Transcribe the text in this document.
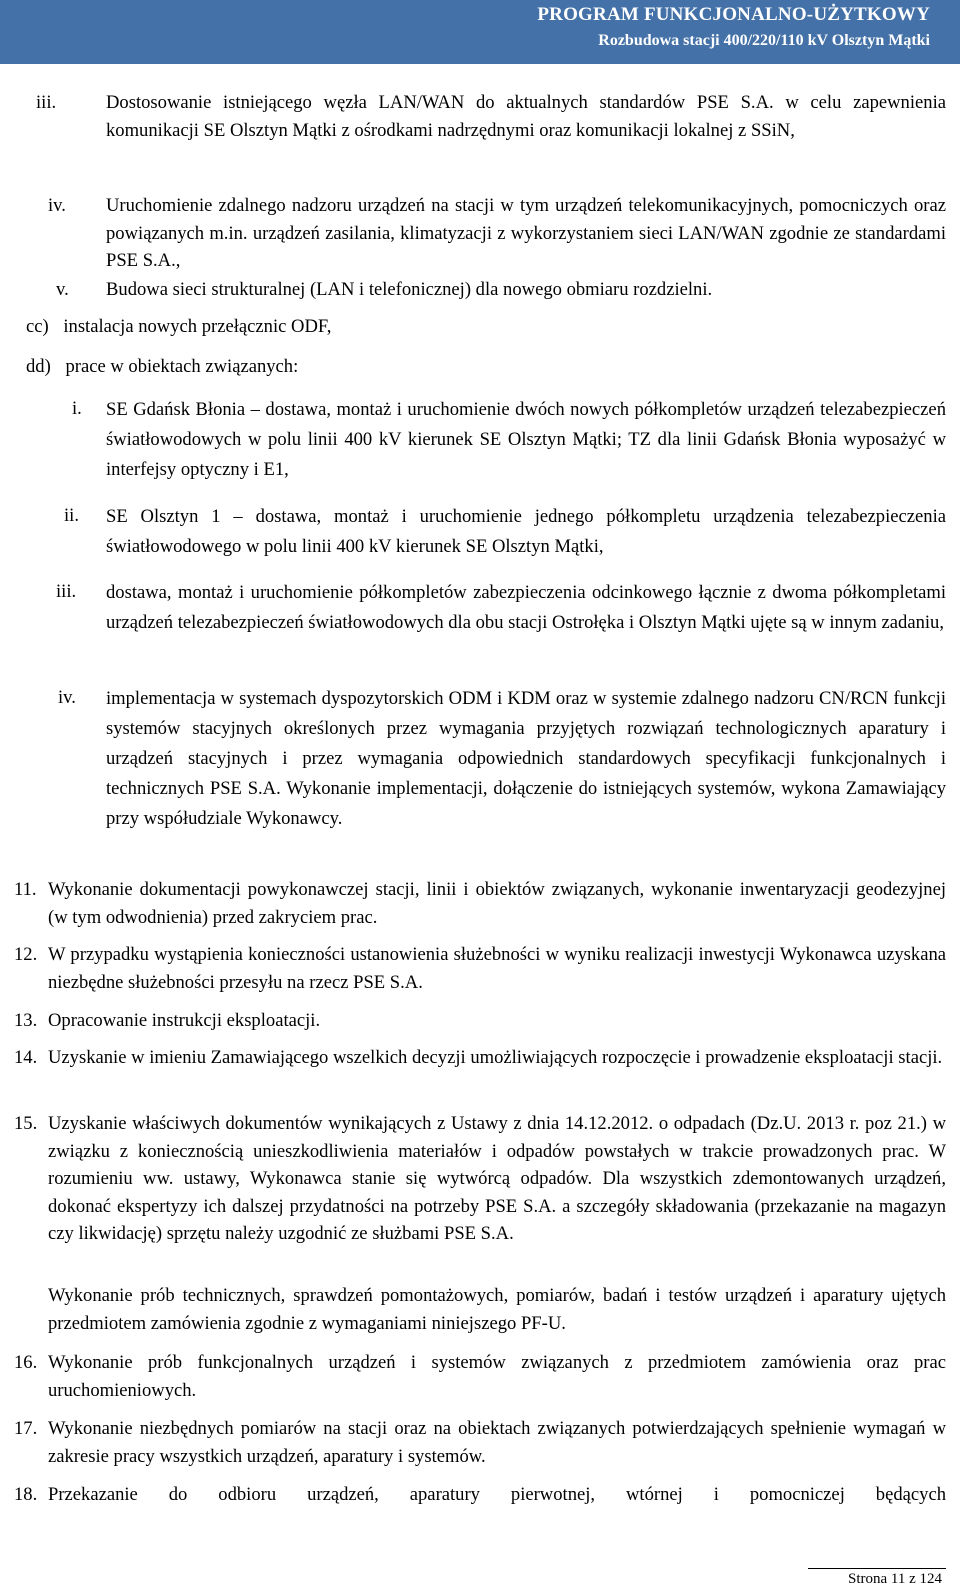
PROGRAM FUNKCJONALNO-UŻYTKOWY
Rozbudowa stacji 400/220/110 kV Olsztyn Mątki
iii.	Dostosowanie istniejącego węzła LAN/WAN do aktualnych standardów PSE S.A. w celu zapewnienia komunikacji SE Olsztyn Mątki z ośrodkami nadrzędnymi oraz komunikacji lokalnej z SSiN,
iv. Uruchomienie zdalnego nadzoru urządzeń na stacji w tym urządzeń telekomunikacyjnych, pomocniczych oraz powiązanych m.in. urządzeń zasilania, klimatyzacji z wykorzystaniem sieci LAN/WAN zgodnie ze standardami PSE S.A.,
v. Budowa sieci strukturalnej (LAN i telefonicznej) dla nowego obmiaru rozdzielni.
cc) instalacja nowych przełącznic ODF,
dd) prace w obiektach związanych:
i. SE Gdańsk Błonia – dostawa, montaż i uruchomienie dwóch nowych półkompletów urządzeń telezabezpieczeń światłowodowych w polu linii 400 kV kierunek SE Olsztyn Mątki; TZ dla linii Gdańsk Błonia wyposażyć w interfejsy optyczny i E1,
ii. SE Olsztyn 1 – dostawa, montaż i uruchomienie jednego półkompletu urządzenia telezabezpieczenia światłowodowego w polu linii 400 kV kierunek SE Olsztyn Mątki,
iii. dostawa, montaż i uruchomienie półkompletów zabezpieczenia odcinkowego łącznie z dwoma półkompletami urządzeń telezabezpieczeń światłowodowych dla obu stacji Ostrołęka i Olsztyn Mątki ujęte są w innym zadaniu,
iv. implementacja w systemach dyspozytorskich ODM i KDM oraz w systemie zdalnego nadzoru CN/RCN funkcji systemów stacyjnych określonych przez wymagania przyjętych rozwiązań technologicznych aparatury i urządzeń stacyjnych i przez wymagania odpowiednich standardowych specyfikacji funkcjonalnych i technicznych PSE S.A. Wykonanie implementacji, dołączenie do istniejących systemów, wykona Zamawiający przy współudziale Wykonawcy.
11. Wykonanie dokumentacji powykonawczej stacji, linii i obiektów związanych, wykonanie inwentaryzacji geodezyjnej (w tym odwodnienia) przed zakryciem prac.
12. W przypadku wystąpienia konieczności ustanowienia służebności w wyniku realizacji inwestycji Wykonawca uzyskana niezbędne służebności przesyłu na rzecz PSE S.A.
13. Opracowanie instrukcji eksploatacji.
14. Uzyskanie w imieniu Zamawiającego wszelkich decyzji umożliwiających rozpoczęcie i prowadzenie eksploatacji stacji.
15. Uzyskanie właściwych dokumentów wynikających z Ustawy z dnia 14.12.2012. o odpadach (Dz.U. 2013 r. poz 21.) w związku z koniecznością unieszkodliwienia materiałów i odpadów powstałych w trakcie prowadzonych prac. W rozumieniu ww. ustawy, Wykonawca stanie się wytwórcą odpadów. Dla wszystkich zdemontowanych urządzeń, dokonać ekspertyzy ich dalszej przydatności na potrzeby PSE S.A. a szczegóły składowania (przekazanie na magazyn czy likwidację) sprzętu należy uzgodnić ze służbami PSE S.A.
Wykonanie prób technicznych, sprawdzeń pomontażowych, pomiarów, badań i testów urządzeń i aparatury ujętych przedmiotem zamówienia zgodnie z wymaganiami niniejszego PF-U.
16. Wykonanie prób funkcjonalnych urządzeń i systemów związanych z przedmiotem zamówienia oraz prac uruchomieniowych.
17. Wykonanie niezbędnych pomiarów na stacji oraz na obiektach związanych potwierdzających spełnienie wymagań w zakresie pracy wszystkich urządzeń, aparatury i systemów.
18. Przekazanie do odbioru urządzeń, aparatury pierwotnej, wtórnej i pomocniczej będących
Strona 11 z 124
